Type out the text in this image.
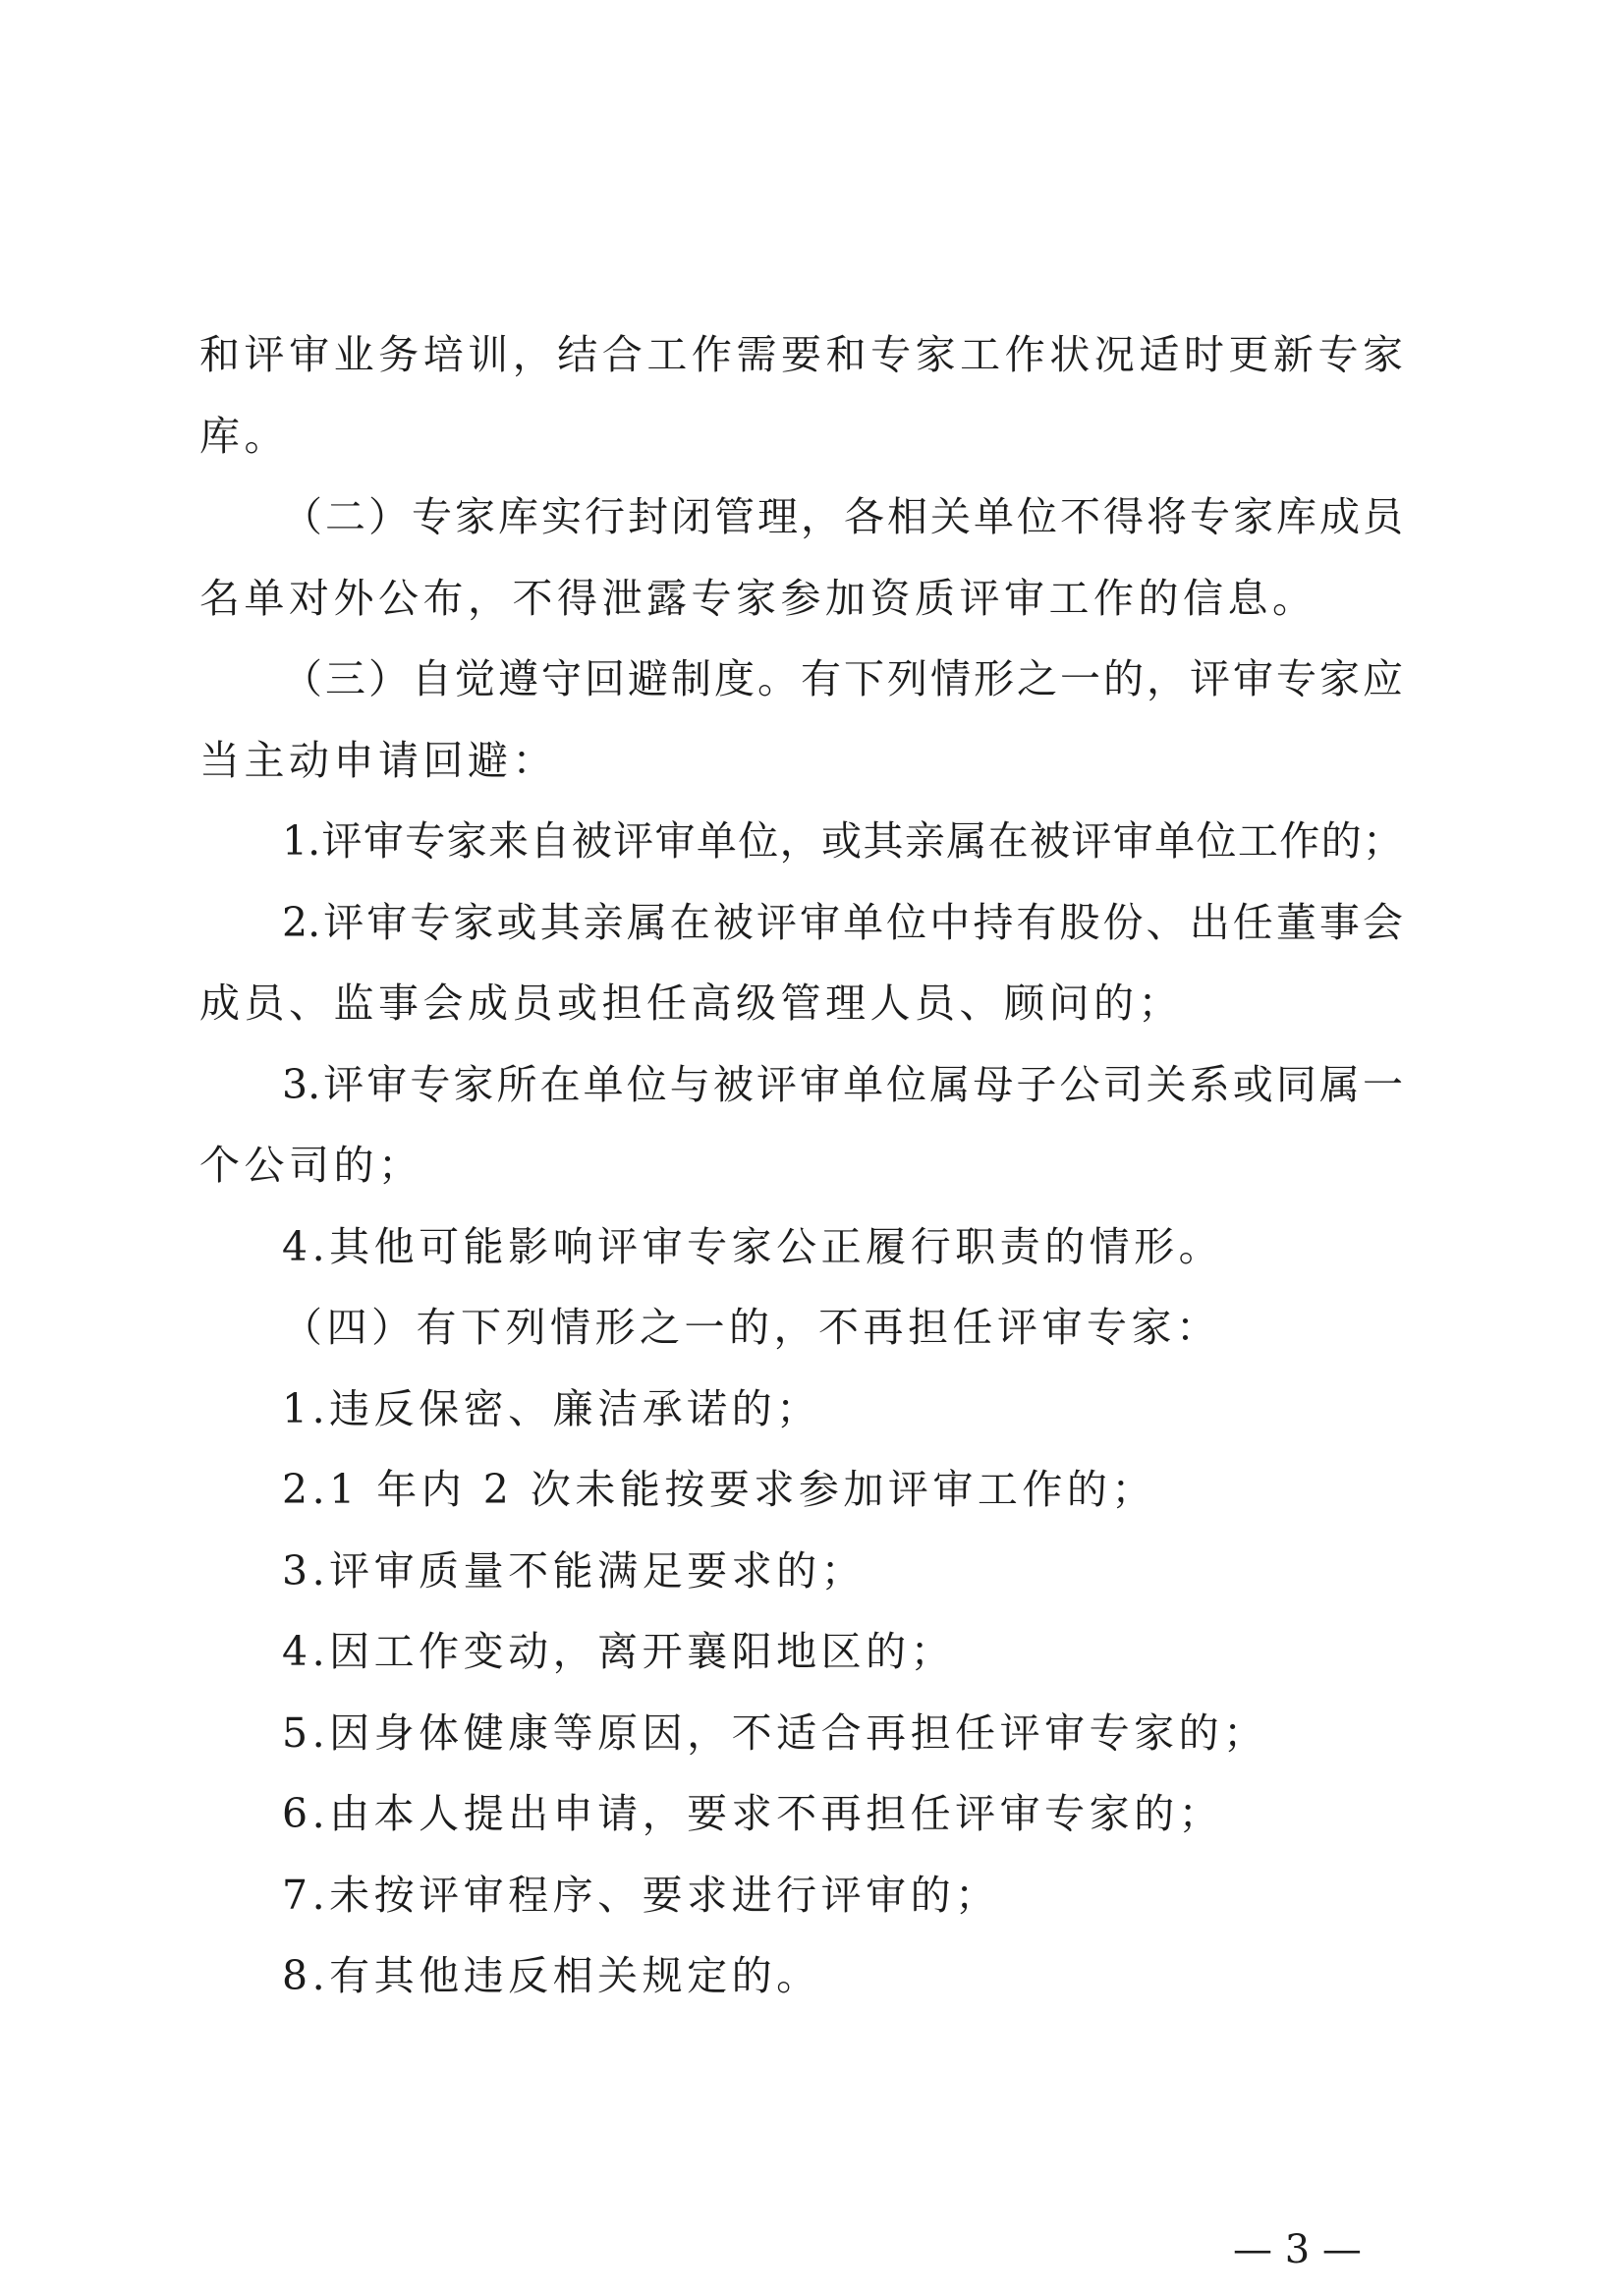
和评审业务培训，结合工作需要和专家工作状况适时更新专家
库。
（二）专家库实行封闭管理，各相关单位不得将专家库成员
名单对外公布，不得泄露专家参加资质评审工作的信息。
（三）自觉遵守回避制度。有下列情形之一的，评审专家应
当主动申请回避：
1.评审专家来自被评审单位，或其亲属在被评审单位工作的；
2.评审专家或其亲属在被评审单位中持有股份、出任董事会
成员、监事会成员或担任高级管理人员、顾问的；
3.评审专家所在单位与被评审单位属母子公司关系或同属一
个公司的；
4.其他可能影响评审专家公正履行职责的情形。
（四）有下列情形之一的，不再担任评审专家：
1.违反保密、廉洁承诺的；
2.1 年内 2 次未能按要求参加评审工作的；
3.评审质量不能满足要求的；
4.因工作变动，离开襄阳地区的；
5.因身体健康等原因，不适合再担任评审专家的；
6.由本人提出申请，要求不再担任评审专家的；
7.未按评审程序、要求进行评审的；
8.有其他违反相关规定的。
— 3 —
